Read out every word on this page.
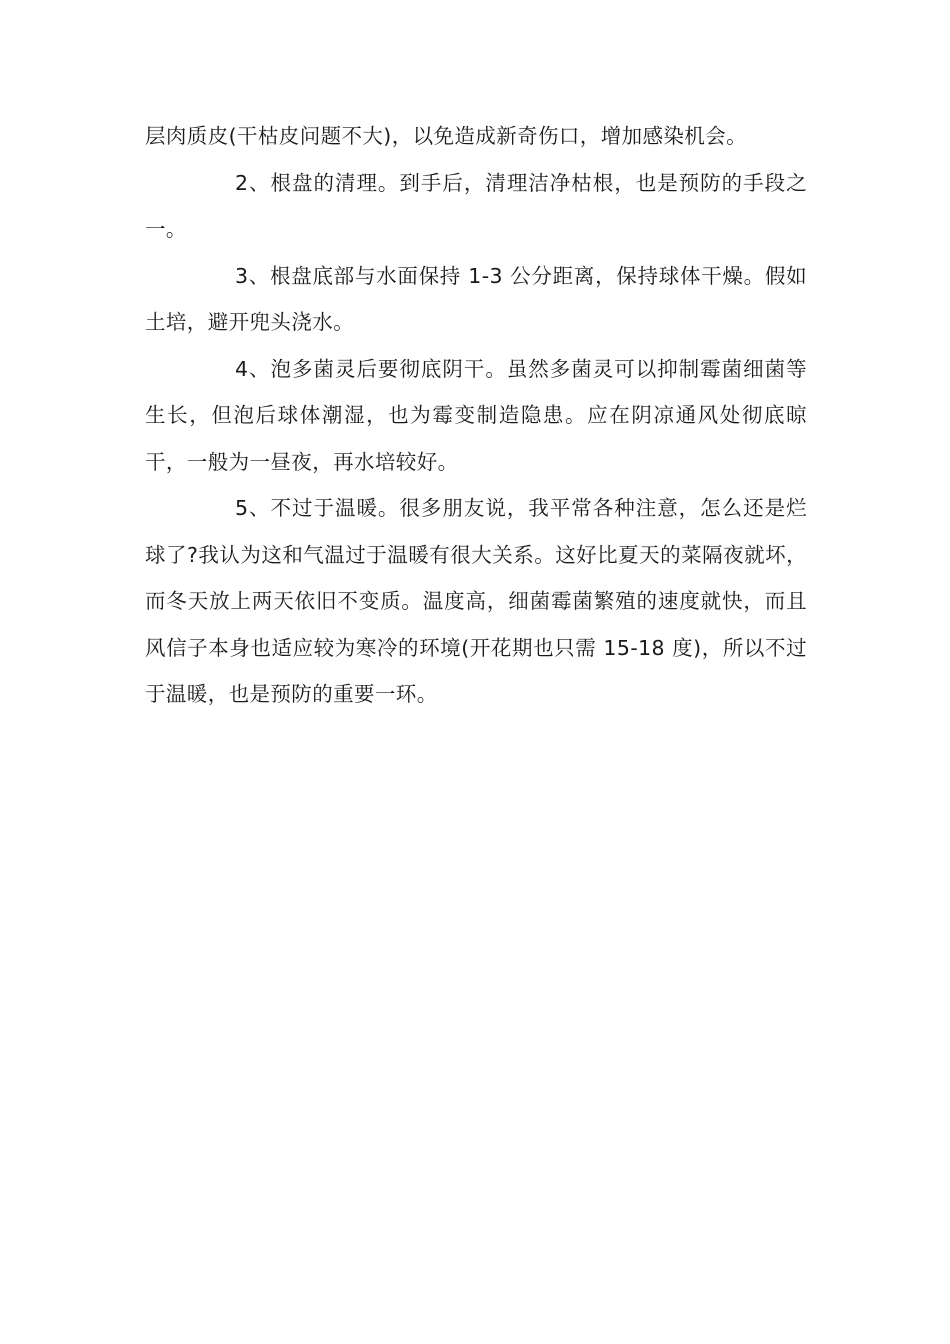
层肉质皮(干枯皮问题不大)，以免造成新奇伤口，增加感染机会。

2、根盘的清理。到手后，清理洁净枯根，也是预防的手段之一。

3、根盘底部与水面保持 1-3 公分距离，保持球体干燥。假如土培，避开兜头浇水。

4、泡多菌灵后要彻底阴干。虽然多菌灵可以抑制霉菌细菌等生长，但泡后球体潮湿，也为霉变制造隐患。应在阴凉通风处彻底晾干，一般为一昼夜，再水培较好。

5、不过于温暖。很多朋友说，我平常各种注意，怎么还是烂球了?我认为这和气温过于温暖有很大关系。这好比夏天的菜隔夜就坏，而冬天放上两天依旧不变质。温度高，细菌霉菌繁殖的速度就快，而且风信子本身也适应较为寒冷的环境(开花期也只需 15-18 度)，所以不过于温暖，也是预防的重要一环。
